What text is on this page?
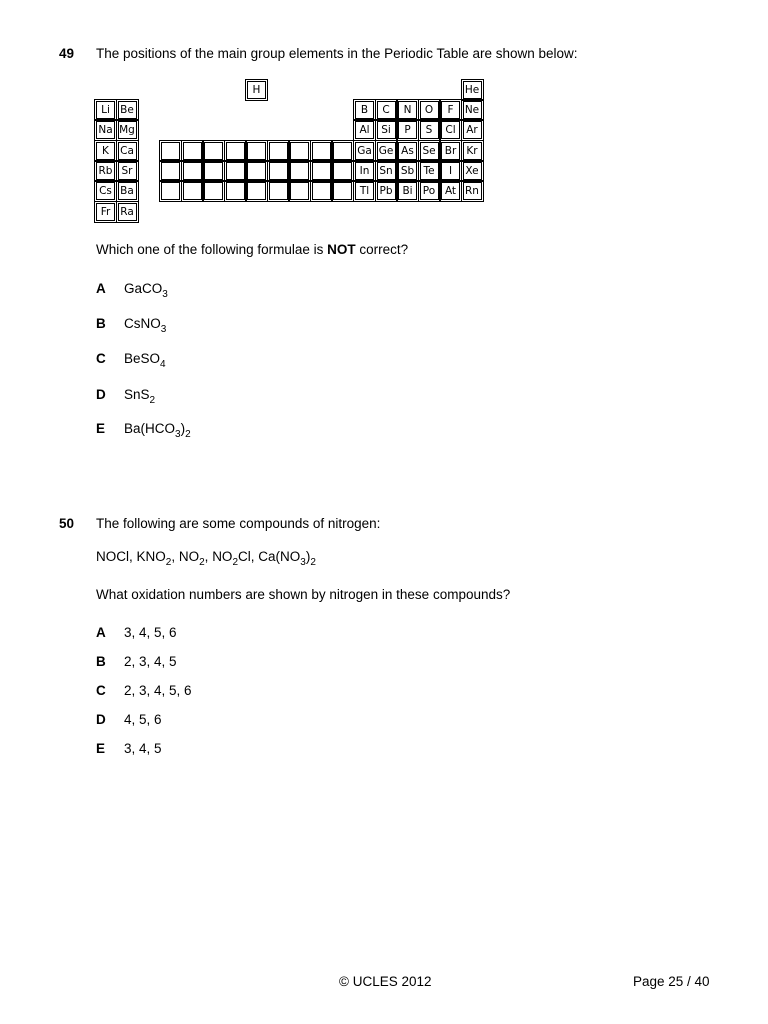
49 The positions of the main group elements in the Periodic Table are shown below:
H	He
Li Be	B	C	N	O	F	Ne
Na Mg	Al	Si	P	S	Cl	Ar
K	Ca	Ga Ge As Se Br Kr
Rb Sr	In Sn Sb Te	I	Xe
Cs Ba	Tl Pb Bi Po At Rn
Fr Ra
Which one of the following formulae is NOT correct?
A GaCO$_3$
B CsNO$_3$
C BeSO$_4$
D SnS$_2$
E $Ba(HCO_3)_2$
50 The following are some compounds of nitrogen:
NOCl, $KNO_2$, $NO_2$, $NO_2Cl$, $Ca(NO_3)_2$
What oxidation numbers are shown by nitrogen in these compounds?
A 3, 4, 5, 6
B 2, 3, 4, 5
C 2, 3, 4, 5, 6
D 4, 5, 6
E 3, 4, 5
© UCLES 2012	Page 25 / 40
